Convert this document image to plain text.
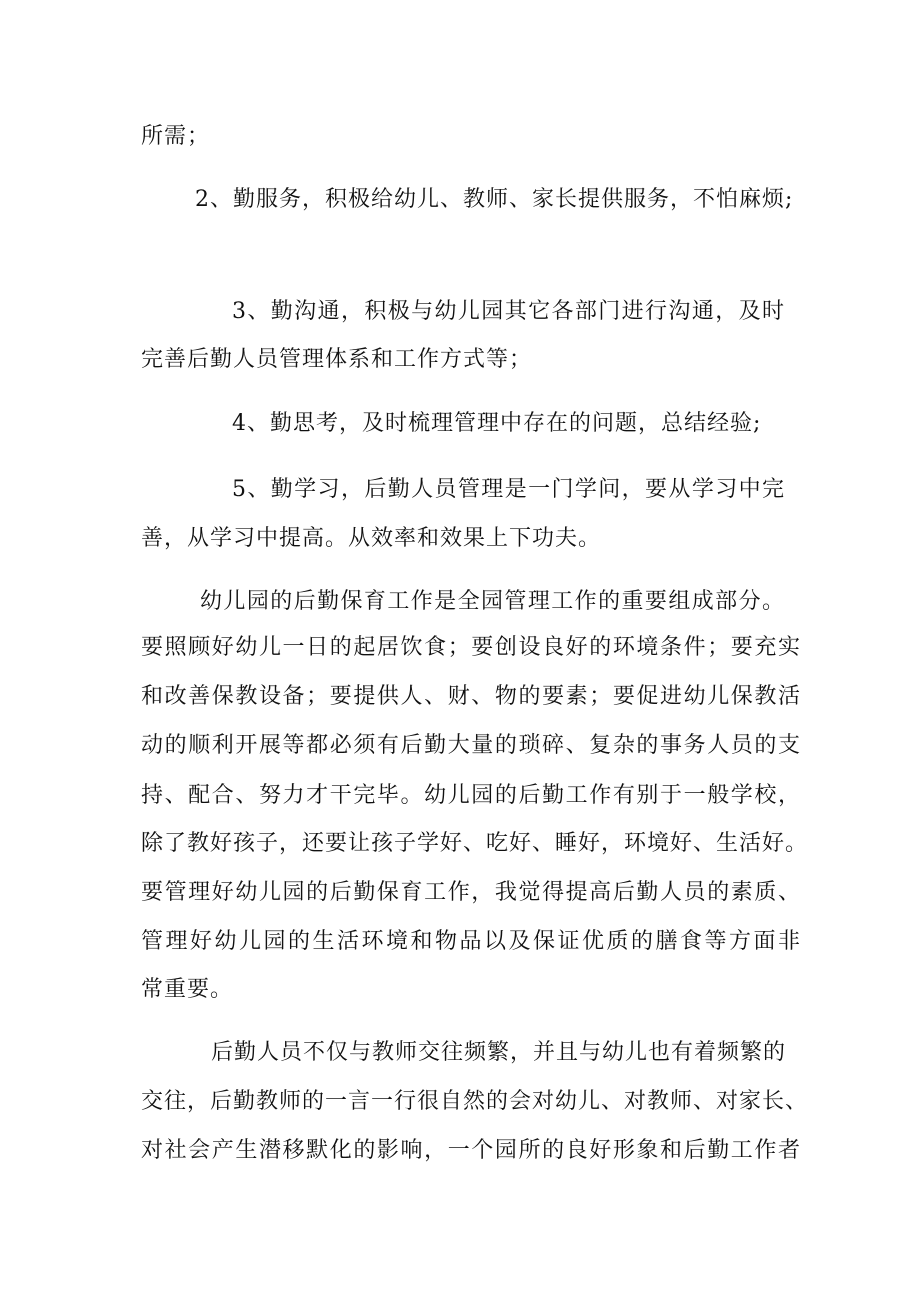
所需；
2、勤服务，积极给幼儿、教师、家长提供服务，不怕麻烦;
3、勤沟通，积极与幼儿园其它各部门进行沟通，及时
完善后勤人员管理体系和工作方式等；
4、勤思考，及时梳理管理中存在的问题，总结经验;
5、勤学习，后勤人员管理是一门学问，要从学习中完
善，从学习中提高。从效率和效果上下功夫。
幼儿园的后勤保育工作是全园管理工作的重要组成部分。
要照顾好幼儿一日的起居饮食；要创设良好的环境条件；要充实
和改善保教设备；要提供人、财、物的要素；要促进幼儿保教活
动的顺利开展等都必须有后勤大量的琐碎、复杂的事务人员的支
持、配合、努力才干完毕。幼儿园的后勤工作有别于一般学校，
除了教好孩子，还要让孩子学好、吃好、睡好，环境好、生活好。
要管理好幼儿园的后勤保育工作，我觉得提高后勤人员的素质、
管理好幼儿园的生活环境和物品以及保证优质的膳食等方面非
常重要。
后勤人员不仅与教师交往频繁，并且与幼儿也有着频繁的
交往，后勤教师的一言一行很自然的会对幼儿、对教师、对家长、
对社会产生潜移默化的影响，一个园所的良好形象和后勤工作者
